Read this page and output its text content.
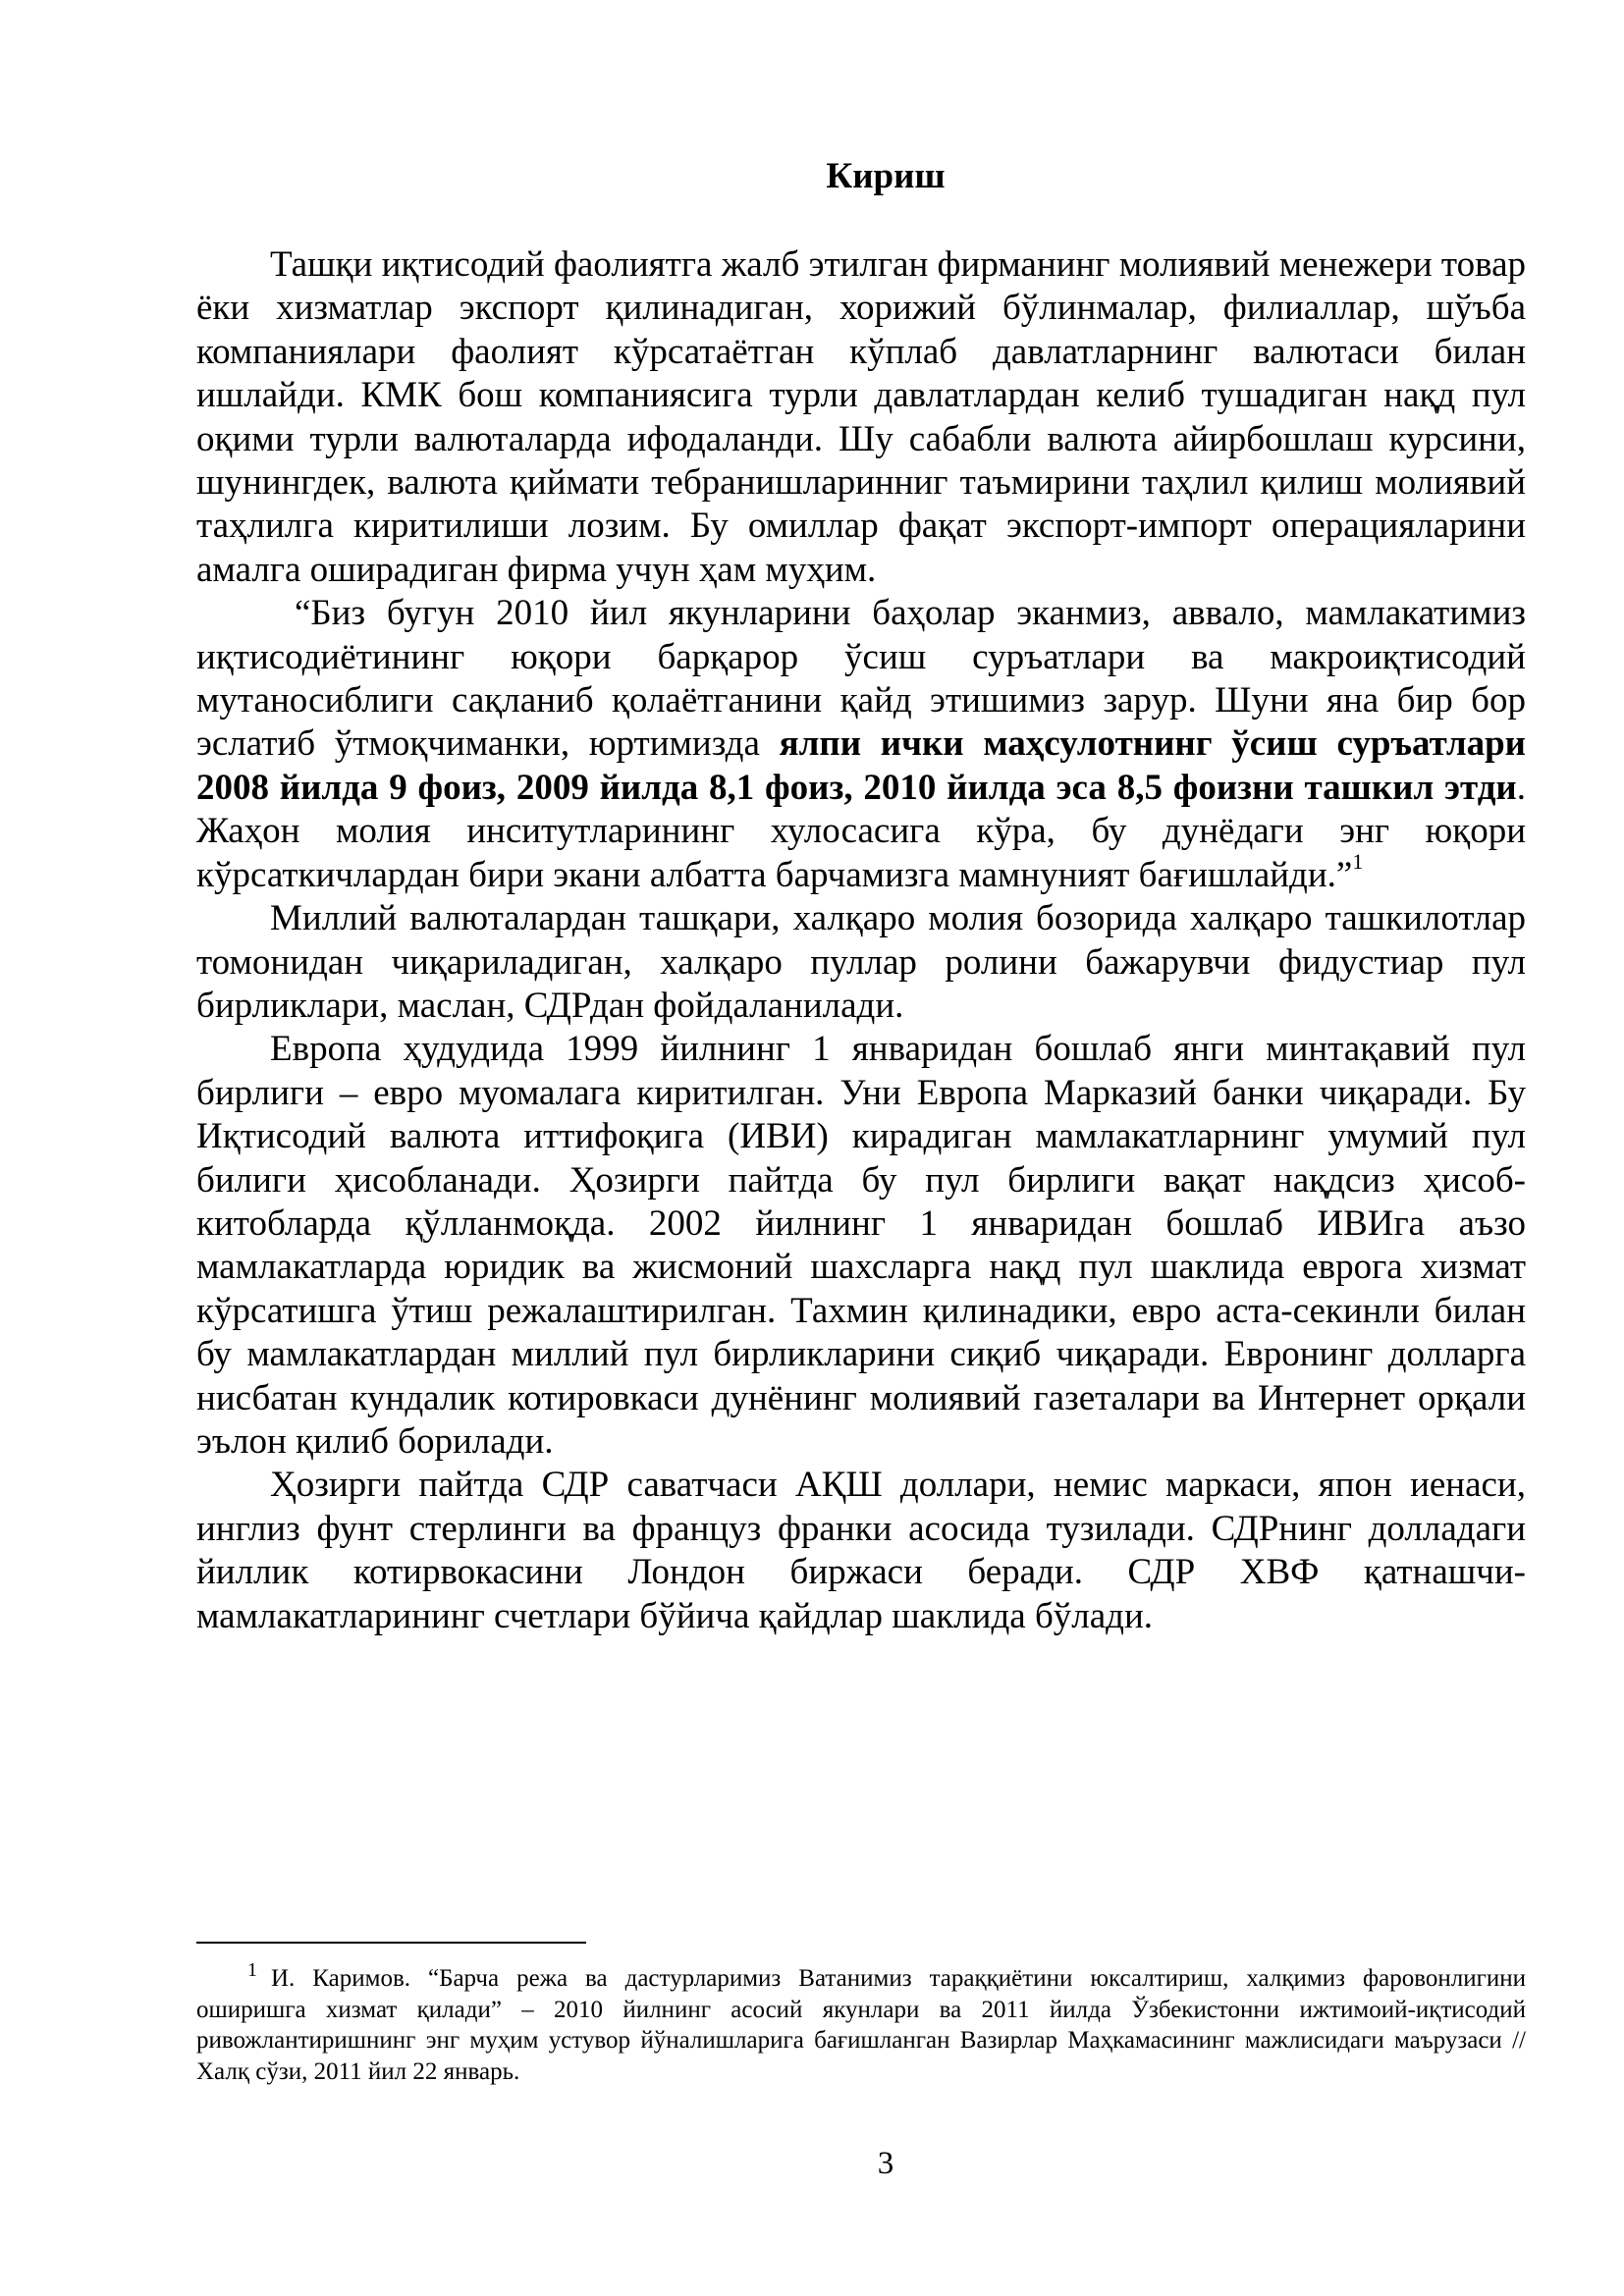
Кириш

Ташқи иқтисодий фаолиятга жалб этилган фирманинг молиявий менежери товар ёки хизматлар экспорт қилинадиган, хорижий бўлинмалар, филиаллар, шўъба компаниялари фаолият кўрсатаётган кўплаб давлатларнинг валютаси билан ишлайди. КМК бош компаниясига турли давлатлардан келиб тушадиган нақд пул оқими турли валюталарда ифодаланди. Шу сабабли валюта айирбошлаш курсини, шунингдек, валюта қиймати тебранишларинниг таъмирини таҳлил қилиш молиявий таҳлилга киритилиши лозим. Бу омиллар фақат экспорт-импорт операцияларини амалга оширадиган фирма учун ҳам муҳим.

“Биз бугун 2010 йил якунларини баҳолар эканмиз, аввало, мамлакатимиз иқтисодиётининг юқори барқарор ўсиш суръатлари ва макроиқтисодий мутаносиблиги сақланиб қолаётганини қайд этишимиз зарур. Шуни яна бир бор эслатиб ўтмоқчиманки, юртимизда ялпи ички маҳсулотнинг ўсиш суръатлари 2008 йилда 9 фоиз, 2009 йилда 8,1 фоиз, 2010 йилда эса 8,5 фоизни ташкил этди. Жаҳон молия инситутларининг хулосасига кўра, бу дунёдаги энг юқори кўрсаткичлардан бири экани албатта барчамизга мамнуният бағишлайди.”$^1$

Миллий валюталардан ташқари, халқаро молия бозорида халқаро ташкилотлар томонидан чиқариладиган, халқаро пуллар ролини бажарувчи фидустиар пул бирликлари, маслан, СДРдан фойдаланилади.

Европа ҳудудида 1999 йилнинг 1 январидан бошлаб янги минтақавий пул бирлиги – евро муомалага киритилган. Уни Европа Марказий банки чиқаради. Бу Иқтисодий валюта иттифоқига (ИВИ) кирадиган мамлакатларнинг умумий пул билиги ҳисобланади. Ҳозирги пайтда бу пул бирлиги вақат нақдсиз ҳисоб-китобларда қўлланмоқда. 2002 йилнинг 1 январидан бошлаб ИВИга аъзо мамлакатларда юридик ва жисмоний шахсларга нақд пул шаклида еврога хизмат кўрсатишга ўтиш режалаштирилган. Тахмин қилинадики, евро аста-секинли билан бу мамлакатлардан миллий пул бирликларини сиқиб чиқаради. Евронинг долларга нисбатан кундалик котировкаси дунёнинг молиявий газеталари ва Интернет орқали эълон қилиб борилади.

Ҳозирги пайтда СДР саватчаси АҚШ доллари, немис маркаси, япон иенаси, инглиз фунт стерлинги ва француз франки асосида тузилади. СДРнинг долладаги йиллик котирвокасини Лондон биржаси беради. СДР ХВФ қатнашчи-мамлакатларининг счетлари бўйича қайдлар шаклида бўлади.

1 И. Каримов. “Барча режа ва дастурларимиз Ватанимиз тараққиётини юксалтириш, халқимиз фаровонлигини оширишга хизмат қилади” – 2010 йилнинг асосий якунлари ва 2011 йилда Ўзбекистонни ижтимоий-иқтисодий ривожлантиришнинг энг муҳим устувор йўналишларига бағишланган Вазирлар Маҳкамасининг мажлисидаги маърузаси // Халқ сўзи, 2011 йил 22 январь.
3
